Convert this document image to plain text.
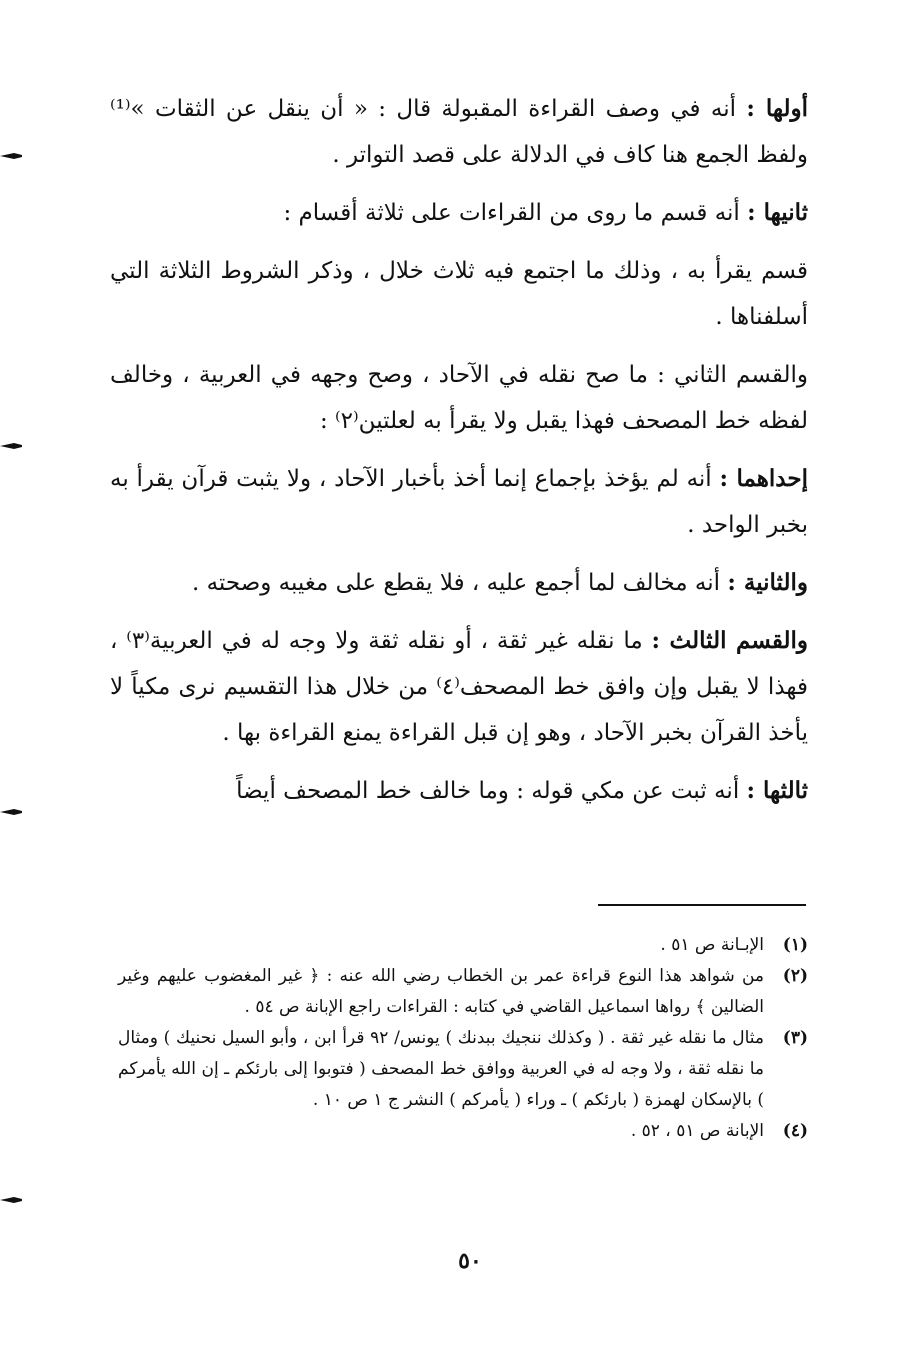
أولها : أنه في وصف القراءة المقبولة قال : « أن ينقل عن الثقات »⁽¹⁾ ولفظ الجمع هنا كاف في الدلالة على قصد التواتر .

ثانيها : أنه قسم ما روى من القراءات على ثلاثة أقسام :

قسم يقرأ به ، وذلك ما اجتمع فيه ثلاث خلال ، وذكر الشروط الثلاثة التي أسلفناها .

والقسم الثاني : ما صح نقله في الآحاد ، وصح وجهه في العربية ، وخالف لفظه خط المصحف فهذا يقبل ولا يقرأ به لعلتين⁽٢⁾ :

إحداهما : أنه لم يؤخذ بإجماع إنما أخذ بأخبار الآحاد ، ولا يثبت قرآن يقرأ به بخبر الواحد .

والثانية : أنه مخالف لما أجمع عليه ، فلا يقطع على مغيبه وصحته .

والقسم الثالث : ما نقله غير ثقة ، أو نقله ثقة ولا وجه له في العربية⁽٣⁾ ، فهذا لا يقبل وإن وافق خط المصحف⁽٤⁾ من خلال هذا التقسيم نرى مكياً لا يأخذ القرآن بخبر الآحاد ، وهو إن قبل القراءة يمنع القراءة بها .

ثالثها : أنه ثبت عن مكي قوله : وما خالف خط المصحف أيضاً

(١)
الإبـانة ص ٥١ .
(٢)
من شواهد هذا النوع قراءة عمر بن الخطاب رضي الله عنه : ﴿ غير المغضوب عليهم وغير الضالين ﴾ رواها اسماعيل القاضي في كتابه : القراءات راجع الإبانة ص ٥٤ .
(٣)
مثال ما نقله غير ثقة . ( وكذلك ننجيك ببدنك ) يونس/ ٩٢ قرأ ابن ، وأبو السيل نحنيك ) ومثال ما نقله ثقة ، ولا وجه له في العربية ووافق خط المصحف ( فتوبوا إلى بارئكم ـ إن الله يأمركم ) بالإسكان لهمزة ( بارئكم ) ـ وراء ( يأمركم ) النشر ج ١ ص ١٠ .
(٤)
الإبانة ص ٥١ ، ٥٢ .
٥٠
